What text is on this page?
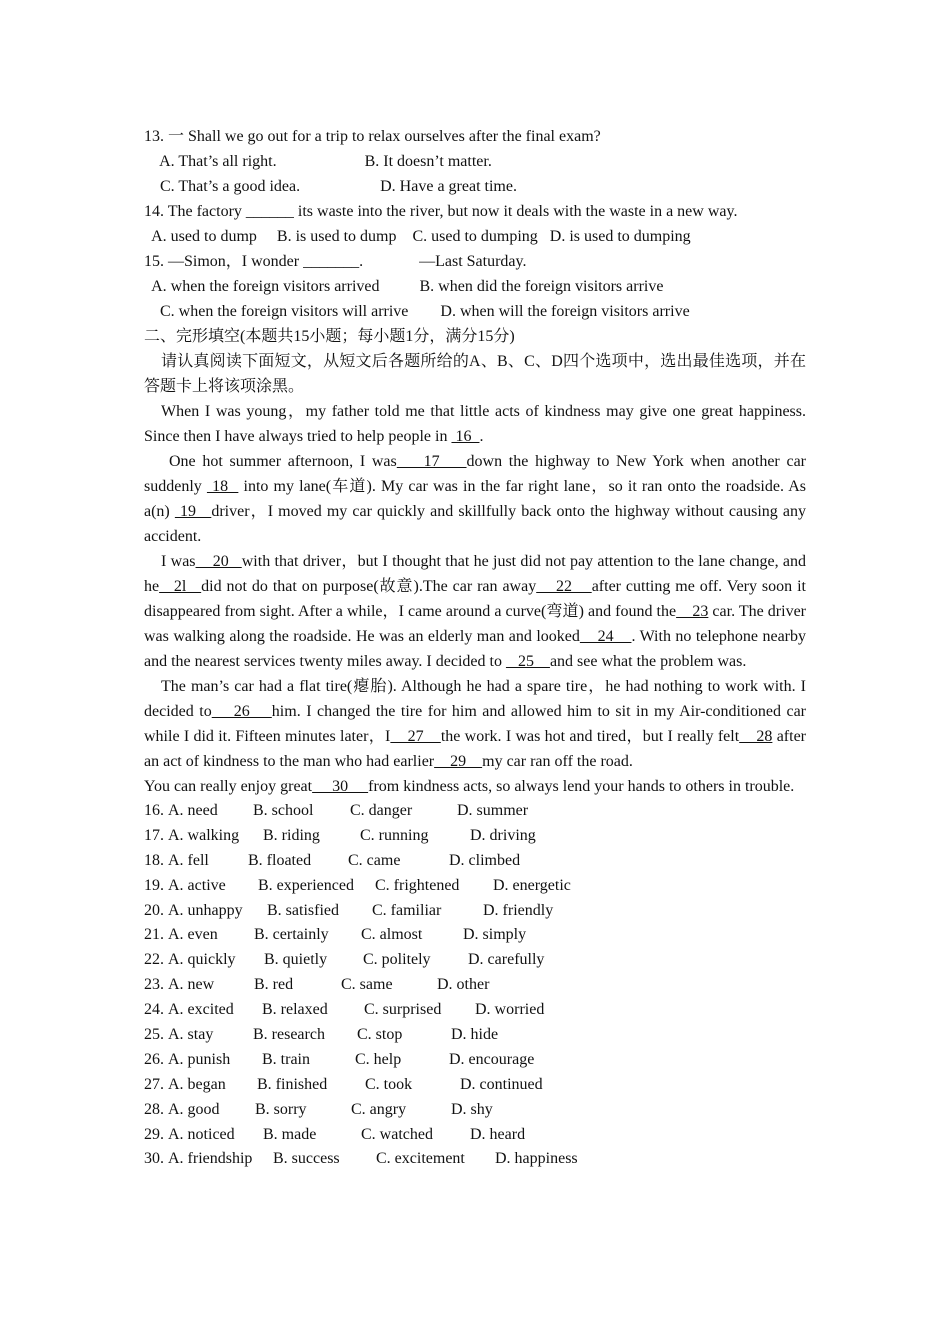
13. 一 Shall we go out for a trip to relax ourselves after the final exam?
A. That’s all right.                      B. It doesn’t matter.
C. That’s a good idea.                    D. Have a great time.
14. The factory ______ its waste into the river, but now it deals with the waste in a new way.
A. used to dump     B. is used to dump    C. used to dumping   D. is used to dumping
15. —Simon，I wonder _______.              —Last Saturday.
A. when the foreign visitors arrived          B. when did the foreign visitors arrive
C. when the foreign visitors will arrive        D. when will the foreign visitors arrive
二、完形填空(本题共15小题；每小题1分，满分15分)
请认真阅读下面短文，从短文后各题所给的A、B、C、D四个选项中，选出最佳选项，并在答题卡上将该项涂黑。
When I was young，my father told me that little acts of kindness may give one great happiness. Since then I have always tried to help people in  16  .
One hot summer afternoon, I was    17    down the highway to New York when another car suddenly  18   into my lane(车道). My car was in the far right lane，so it ran onto the roadside. As a(n)  19   driver，I moved my car quickly and skillfully back onto the highway without causing any accident.
I was    20   with that driver，but I thought that he just did not pay attention to the lane change, and he   2l   did not do that on purpose(故意).The car ran away    22    after cutting me off. Very soon it disappeared from sight. After a while，I came around a curve(弯道) and found the    23 car. The driver was walking along the roadside. He was an elderly man and looked    24    . With no telephone nearby and the nearest services twenty miles away. I decided to    25    and see what the problem was.
The man’s car had a flat tire(瘪胎). Although he had a spare tire，he had nothing to work with. I decided to    26    him. I changed the tire for him and allowed him to sit in my Air-conditioned car while I did it. Fifteen minutes later，I    27    the work. I was hot and tired，but I really felt    28 after an act of kindness to the man who had earlier    29    my car ran off the road.
You can really enjoy great     30     from kindness acts, so always lend your hands to others in trouble.
16. A. need	B. school	C. danger	D. summer
17. A. walking	B. riding	C. running	D. driving
18. A. fell	B. floated	C. came	D. climbed
19. A. active	B. experienced	C. frightened	D. energetic
20. A. unhappy	B. satisfied	C. familiar	D. friendly
21. A. even	B. certainly	C. almost	D. simply
22. A. quickly	B. quietly	C. politely	D. carefully
23. A. new	B. red	C. same	D. other
24. A. excited	B. relaxed	C. surprised	D. worried
25. A. stay	B. research	C. stop	D. hide
26. A. punish	B. train	C. help	D. encourage
27. A. began	B. finished	C. took	D. continued
28. A. good	B. sorry	C. angry	D. shy
29. A. noticed	B. made	C. watched	D. heard
30. A. friendship	B. success	C. excitement	D. happiness
